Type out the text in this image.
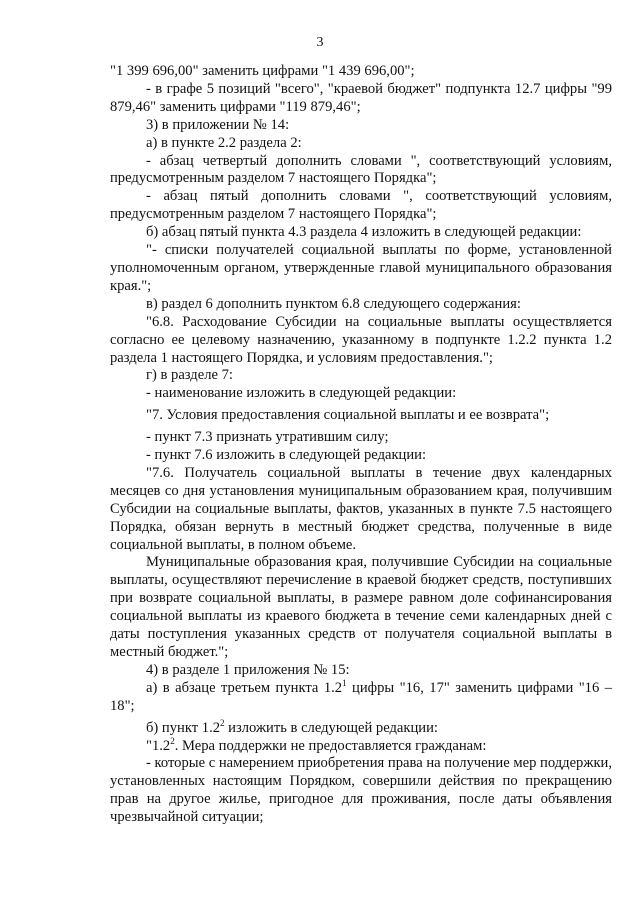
3

"1 399 696,00" заменить цифрами "1 439 696,00";

- в графе 5 позиций "всего", "краевой бюджет" подпункта 12.7 цифры "99 879,46" заменить цифрами "119 879,46";

3) в приложении № 14:

а) в пункте 2.2 раздела 2:

- абзац четвертый дополнить словами ", соответствующий условиям, предусмотренным разделом 7 настоящего Порядка";

- абзац пятый дополнить словами ", соответствующий условиям, предусмотренным разделом 7 настоящего Порядка";

б) абзац пятый пункта 4.3 раздела 4 изложить в следующей редакции:

"- списки получателей социальной выплаты по форме, установленной уполномоченным органом, утвержденные главой муниципального образования края.";

в) раздел 6 дополнить пунктом 6.8 следующего содержания:

"6.8. Расходование Субсидии на социальные выплаты осуществляется согласно ее целевому назначению, указанному в подпункте 1.2.2 пункта 1.2 раздела 1 настоящего Порядка, и условиям предоставления.";

г) в разделе 7:

- наименование изложить в следующей редакции:

"7. Условия предоставления социальной выплаты и ее возврата";

- пункт 7.3 признать утратившим силу;

- пункт 7.6 изложить в следующей редакции:

"7.6. Получатель социальной выплаты в течение двух календарных месяцев со дня установления муниципальным образованием края, получившим Субсидии на социальные выплаты, фактов, указанных в пункте 7.5 настоящего Порядка, обязан вернуть в местный бюджет средства, полученные в виде социальной выплаты, в полном объеме.

Муниципальные образования края, получившие Субсидии на социальные выплаты, осуществляют перечисление в краевой бюджет средств, поступивших при возврате социальной выплаты, в размере равном доле софинансирования социальной выплаты из краевого бюджета в течение семи календарных дней с даты поступления указанных средств от получателя социальной выплаты в местный бюджет.";

4) в разделе 1 приложения № 15:

а) в абзаце третьем пункта $1.2^1$ цифры "16, 17" заменить цифрами "16 – 18";

б) пункт $1.2^2$ изложить в следующей редакции:

"$1.2^2$. Мера поддержки не предоставляется гражданам:

- которые с намерением приобретения права на получение мер поддержки, установленных настоящим Порядком, совершили действия по прекращению прав на другое жилье, пригодное для проживания, после даты объявления чрезвычайной ситуации;
